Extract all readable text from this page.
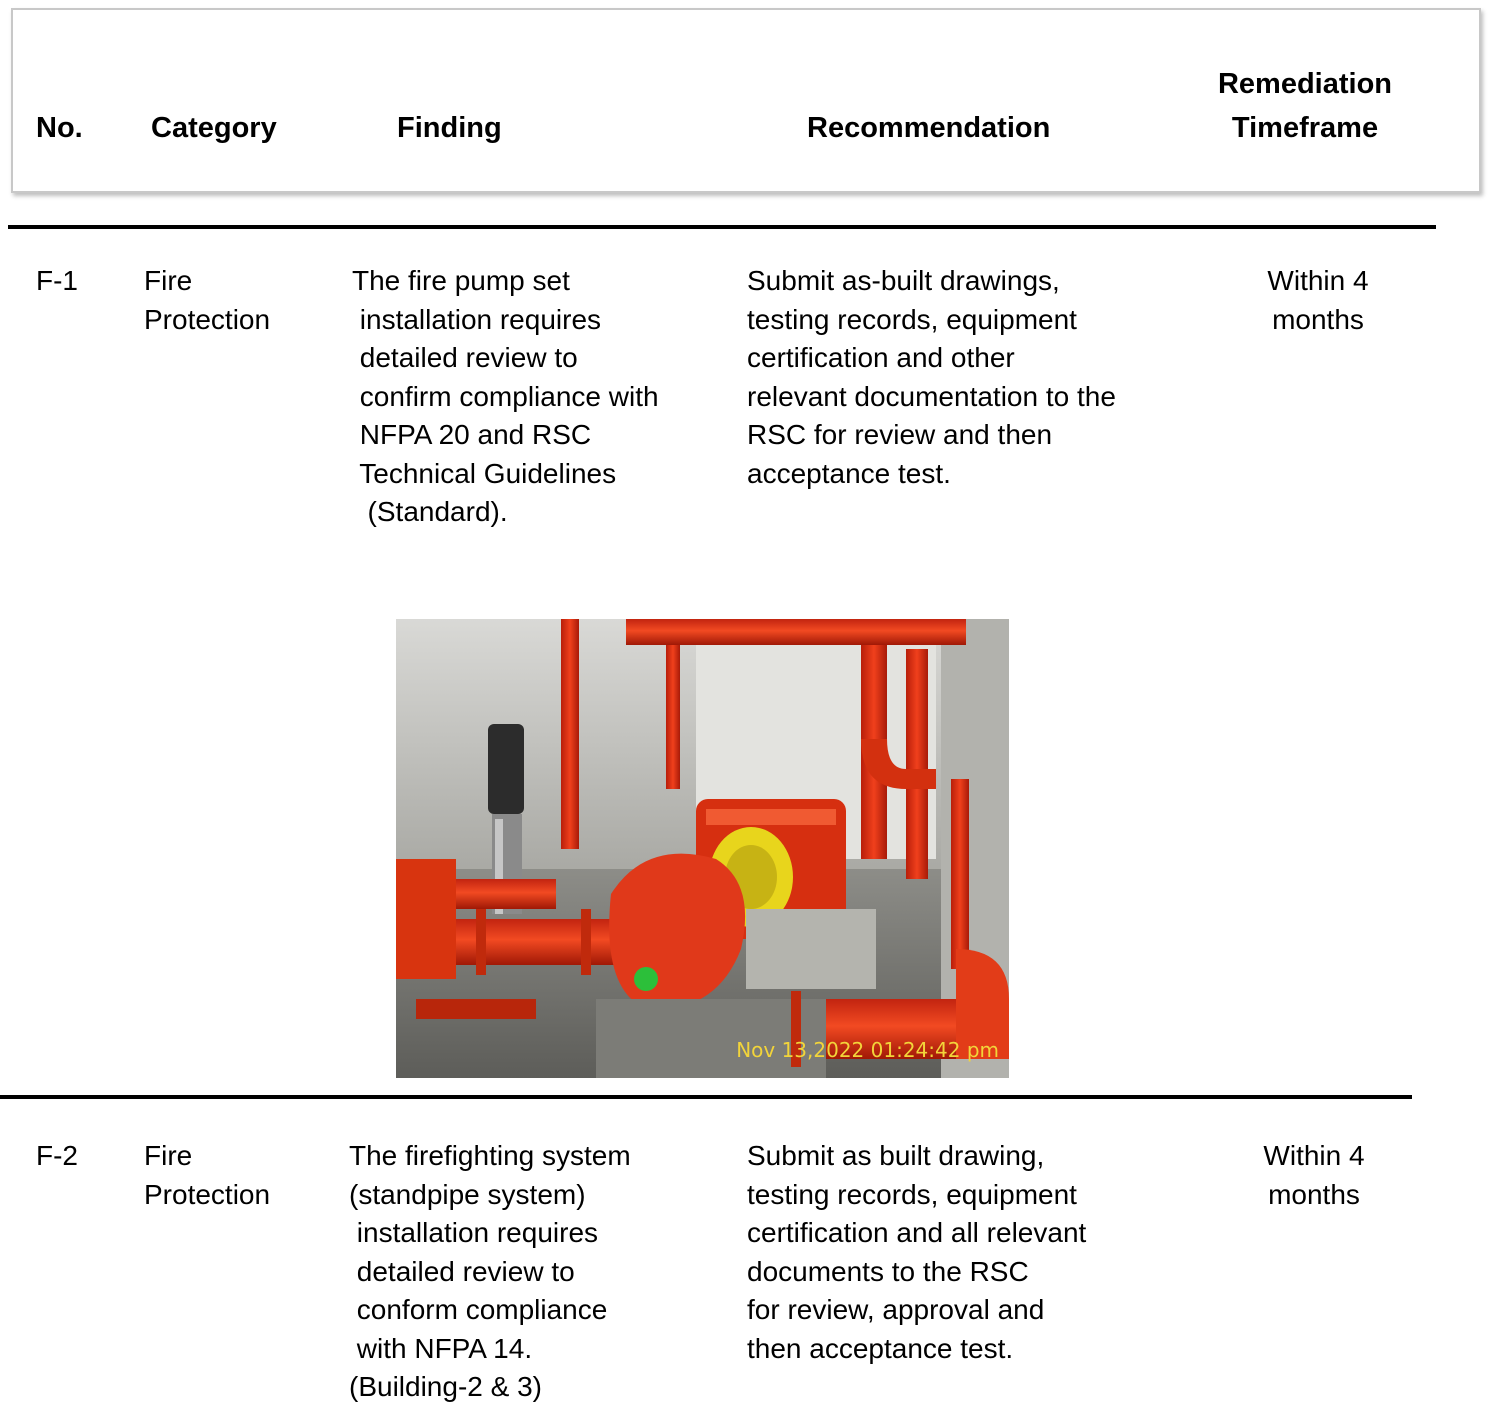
No. Category	Finding	Recommendation
Remediation
Timeframe
F-1 Fire
Protection
The fire pump set
installation requires
detailed review to
confirm compliance with
NFPA 20 and RSC
Technical Guidelines
(Standard).
Submit as-built drawings,
testing records, equipment
certification and other
relevant documentation to the
RSC for review and then
acceptance test.
Within 4
months
Nov 13,2022 01:24:42 pm
F-2 Fire
Protection
The firefighting system
(standpipe system)
installation requires
detailed review to
conform compliance
with NFPA 14.
(Building-2 & 3)
Submit as built drawing,
testing records, equipment
certification and all relevant
documents to the RSC
for review, approval and
then acceptance test.
Within 4
months
